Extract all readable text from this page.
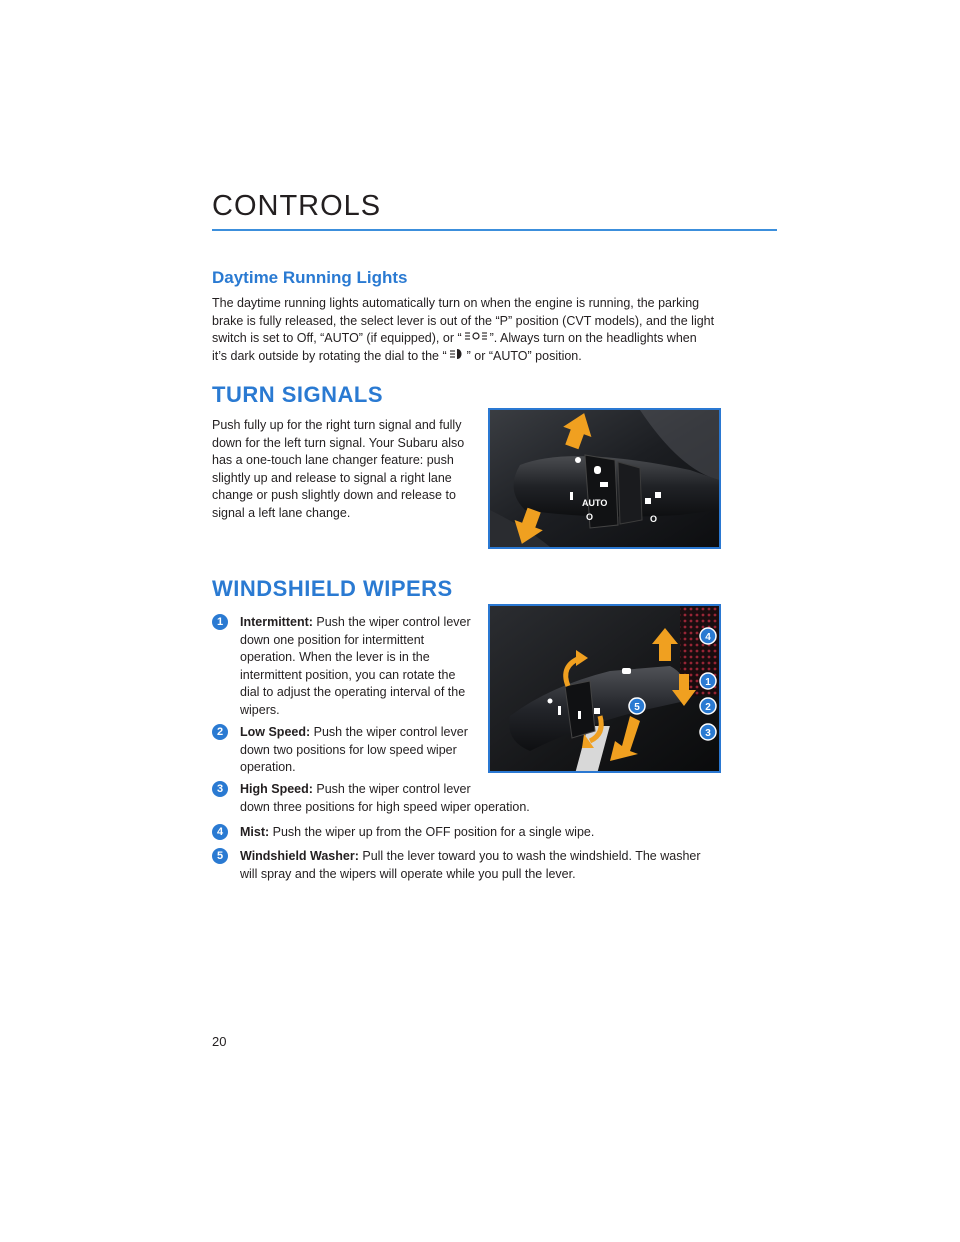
CONTROLS
Daytime Running Lights
The daytime running lights automatically turn on when the engine is running, the parking
brake is fully released, the select lever is out of the “P” position (CVT models), and the light
switch is set to Off, “AUTO” (if equipped), or “ ”. Always turn on the headlights when
it’s dark outside by rotating the dial to the “ ” or “AUTO” position.
TURN SIGNALS
Push fully up for the right turn signal and fully
down for the left turn signal. Your Subaru also
has a one-touch lane changer feature: push
slightly up and release to signal a right lane
change or push slightly down and release to
signal a left lane change.
AUTO
O	O
WINDSHIELD WIPERS
1	Intermittent: Push the wiper control lever
down one position for intermittent
operation. When the lever is in the
intermittent position, you can rotate the
dial to adjust the operating interval of the
wipers.
2	Low Speed: Push the wiper control lever
down two positions for low speed wiper
operation.
3	High Speed: Push the wiper control lever
down three positions for high speed wiper operation.
4	Mist: Push the wiper up from the OFF position for a single wipe.
5	Windshield Washer: Pull the lever toward you to wash the windshield. The washer
will spray and the wipers will operate while you pull the lever.
4
1
2
3
5
20
